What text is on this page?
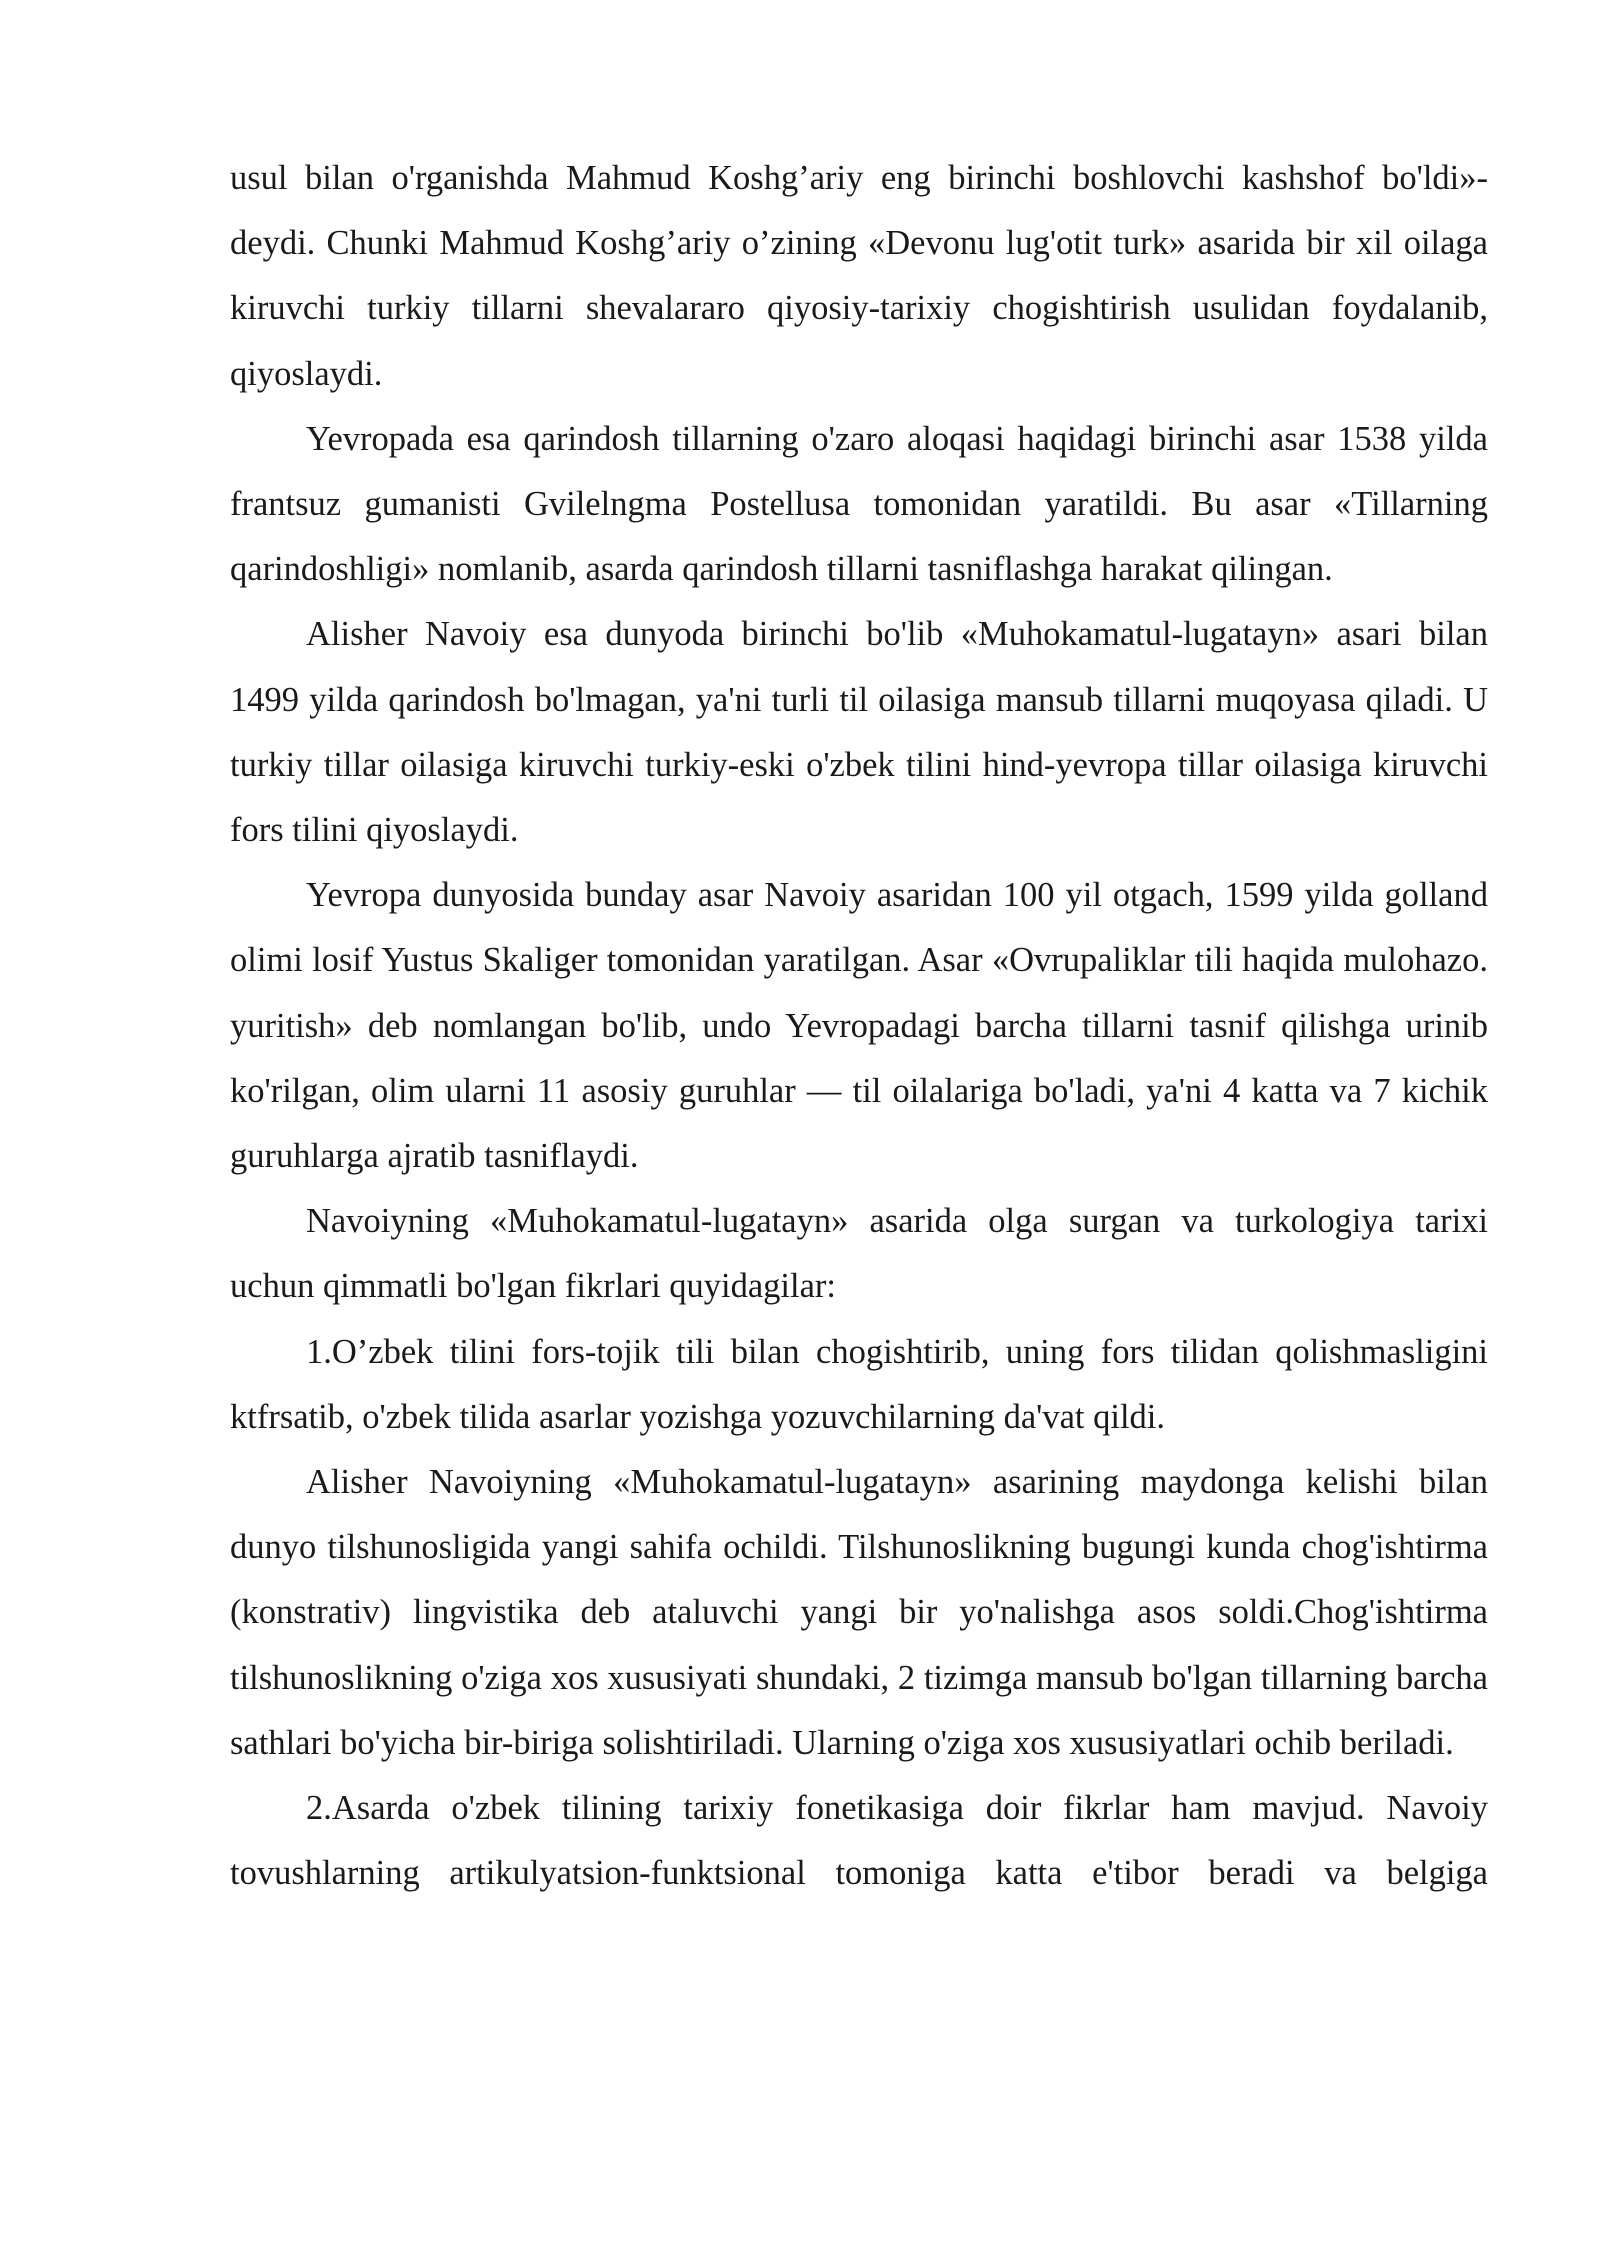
usul bilan o'rganishda Mahmud Koshg’ariy eng birinchi boshlovchi kashshof bo'ldi»-deydi. Chunki Mahmud Koshg’ariy o’zining «Devonu lug'otit turk» asarida bir xil oilaga kiruvchi turkiy tillarni shevalararo qiyosiy-tarixiy chogishtirish usulidan foydalanib, qiyoslaydi.

Yevropada esa qarindosh tillarning o'zaro aloqasi haqidagi birinchi asar 1538 yilda frantsuz gumanisti Gvilelngma Postellusa tomonidan yaratildi. Bu asar «Tillarning qarindoshligi» nomlanib, asarda qarindosh tillarni tasniflashga harakat qilingan.

Alisher Navoiy esa dunyoda birinchi bo'lib «Muhokamatul-lugatayn» asari bilan 1499 yilda qarindosh bo'lmagan, ya'ni turli til oilasiga mansub tillarni muqoyasa qiladi. U turkiy tillar oilasiga kiruvchi turkiy-eski o'zbek tilini hind-yevropa tillar oilasiga kiruvchi fors tilini qiyoslaydi.

Yevropa dunyosida bunday asar Navoiy asaridan 100 yil otgach, 1599 yilda golland olimi losif Yustus Skaliger tomonidan yaratilgan. Asar «Ovrupaliklar tili haqida mulohazo. yuritish» deb nomlangan bo'lib, undo Yevropadagi barcha tillarni tasnif qilishga urinib ko'rilgan, olim ularni 11 asosiy guruhlar — til oilalariga bo'ladi, ya'ni 4 katta va 7 kichik guruhlarga ajratib tasniflaydi.

Navoiyning «Muhokamatul-lugatayn» asarida olga surgan va turkologiya tarixi uchun qimmatli bo'lgan fikrlari quyidagilar:

1.O’zbek tilini fors-tojik tili bilan chogishtirib, uning fors tilidan qolishmasligini ktfrsatib, o'zbek tilida asarlar yozishga yozuvchilarning da'vat qildi.

Alisher Navoiyning «Muhokamatul-lugatayn» asarining maydonga kelishi bilan dunyo tilshunosligida yangi sahifa ochildi. Tilshunoslikning bugungi kunda chog'ishtirma (konstrativ) lingvistika deb ataluvchi yangi bir yo'nalishga asos soldi.Chog'ishtirma tilshunoslikning o'ziga xos xususiyati shundaki, 2 tizimga mansub bo'lgan tillarning barcha sathlari bo'yicha bir-biriga solishtiriladi. Ularning o'ziga xos xususiyatlari ochib beriladi.

2.Asarda o'zbek tilining tarixiy fonetikasiga doir fikrlar ham mavjud. Navoiy tovushlarning artikulyatsion-funktsional tomoniga katta e'tibor beradi va belgiga
